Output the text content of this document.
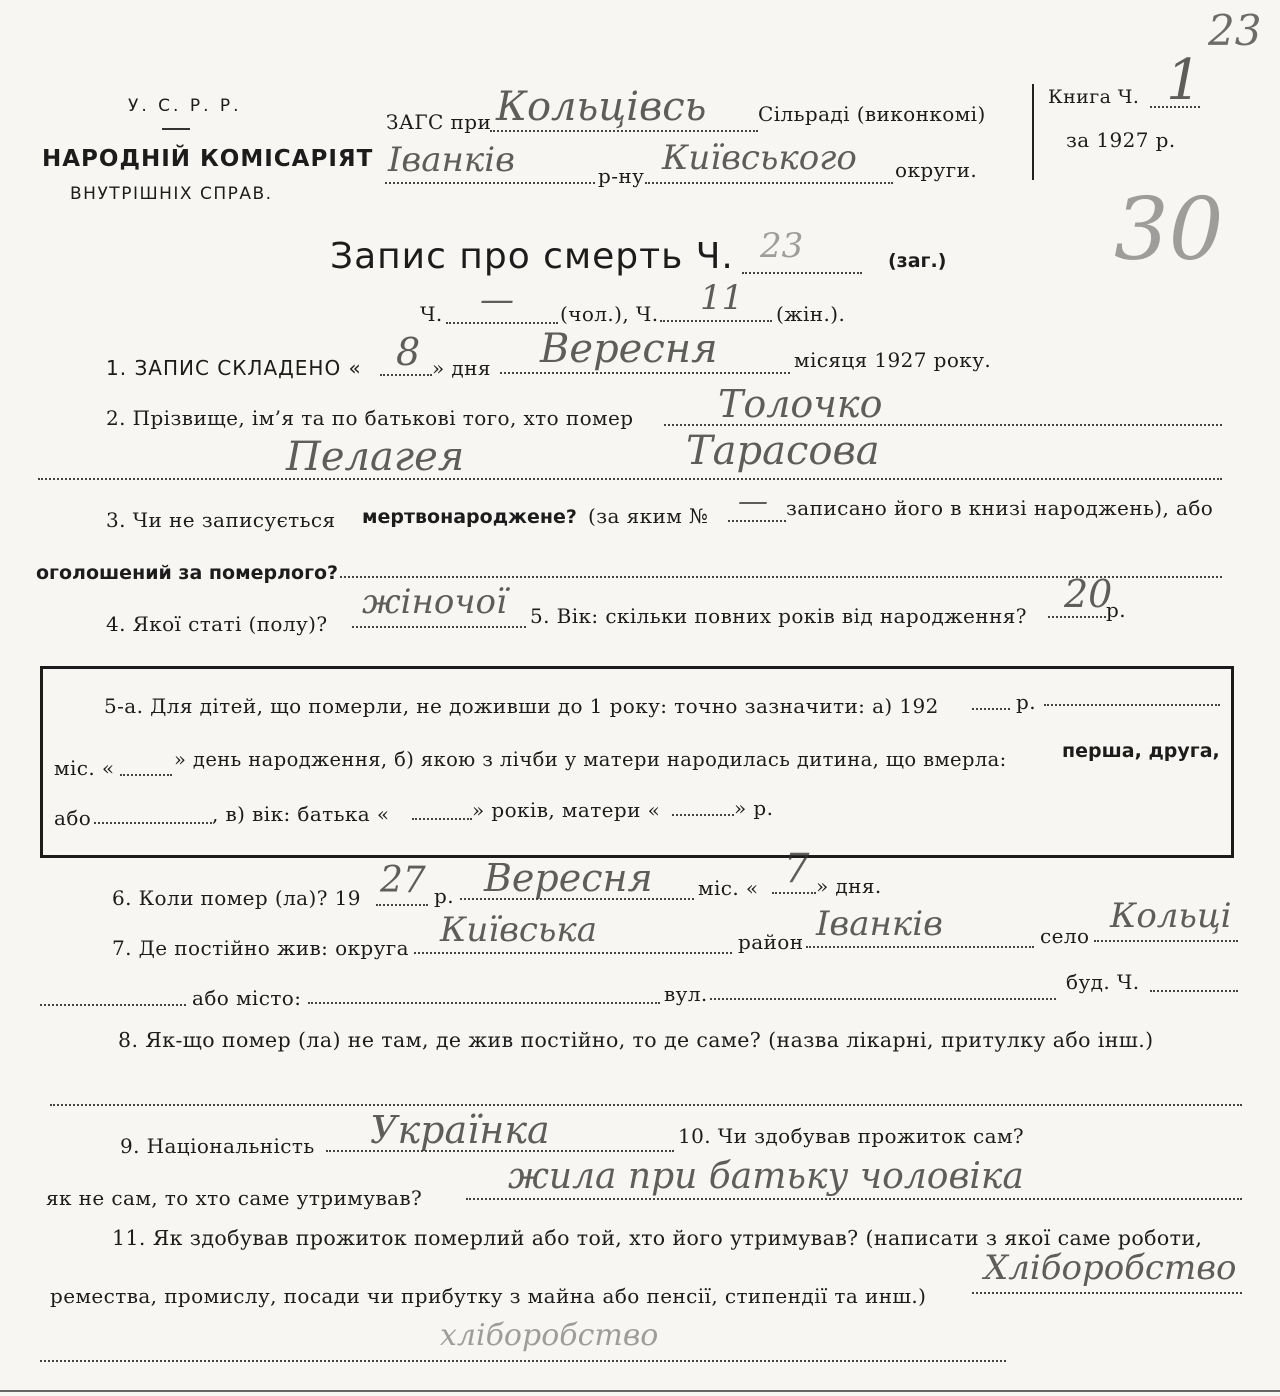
У. С. Р. Р.
НАРОДНІЙ КОМІСАРІЯТ
ВНУТРІШНІХ СПРАВ.
ЗАГС при Кольцівсь	Сільраді (виконкомі)
Іванків	р-ну Київського округи.
Книга Ч. 1
за 1927 р.
23
30
Запис про смерть Ч. 23	(заг.)
Ч. — (чол.), Ч. 11 (жін.).
1. ЗАПИС СКЛАДЕНО « 8 » дня Вересня	місяця 1927 року.
2. Прізвище, ім’я та по батькові того, хто помер Толочко
Пелагея	Тарасова
3. Чи не записується мертвонароджене? (за яким № — записано його в книзі народжень), або
оголошений за померлого?
4. Якої статі (полу)?
жіночої 5. Вік: скільки повних років від народження? 20
р.
5-а. Для дітей, що померли, не доживши до 1 року: точно зазначити: а) 192	р.
міс. «	» день народження, б) якою з лічби у матери народилась дитина, що вмерла:	перша, друга,
або	, в) вік: батька «	» років, матери «	» р.
6. Коли помер (ла)? 19 27 р. Вересня міс. « 7 » дня.
7. Де постійно жив: округа Київська	район Іванків	село Кольці
або місто:	вул.	буд. Ч.
8. Як-що помер (ла) не там, де жив постійно, то де саме? (назва лікарні, притулку або інш.)
9. Національність Українка	10. Чи здобував прожиток сам?
як не сам, то хто саме утримував?
жила при батьку чоловіка
11. Як здобував прожиток померлий або той, хто його утримував? (написати з якої саме роботи,
ремества, промислу, посади чи прибутку з майна або пенсії, стипендії та инш.)
Хліборобство
хліборобство
